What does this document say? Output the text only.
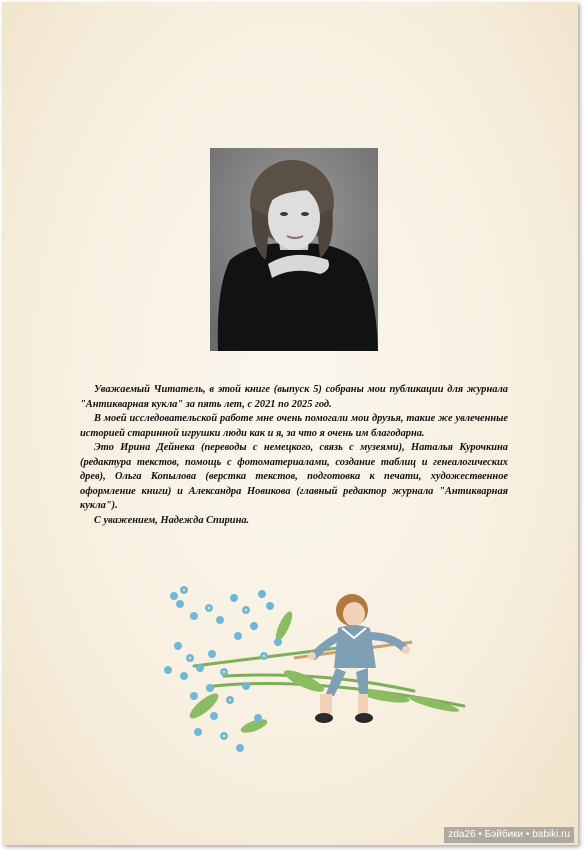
Уважаемый Читатель, в этой книге (выпуск 5) собраны мои публикации для журнала "Антикварная кукла" за пять лет, с 2021 по 2025 год.

В моей исследовательской работе мне очень помогали мои друзья, такие же увлеченные историей старинной игрушки люди как и я, за что я очень им благодарна.

Это Ирина Дейнека (переводы с немецкого, связь с музеями), Наталья Курочкина (редактура текстов, помощь с фотоматериалами, создание таблиц и генеалогических древ), Ольга Копылова (верстка текстов, подготовка к печати, художественное оформление книги) и Александра Новикова (главный редактор журнала "Антикварная кукла").

С уважением, Надежда Спирина.

zda26 • Бэйбики • babiki.ru
